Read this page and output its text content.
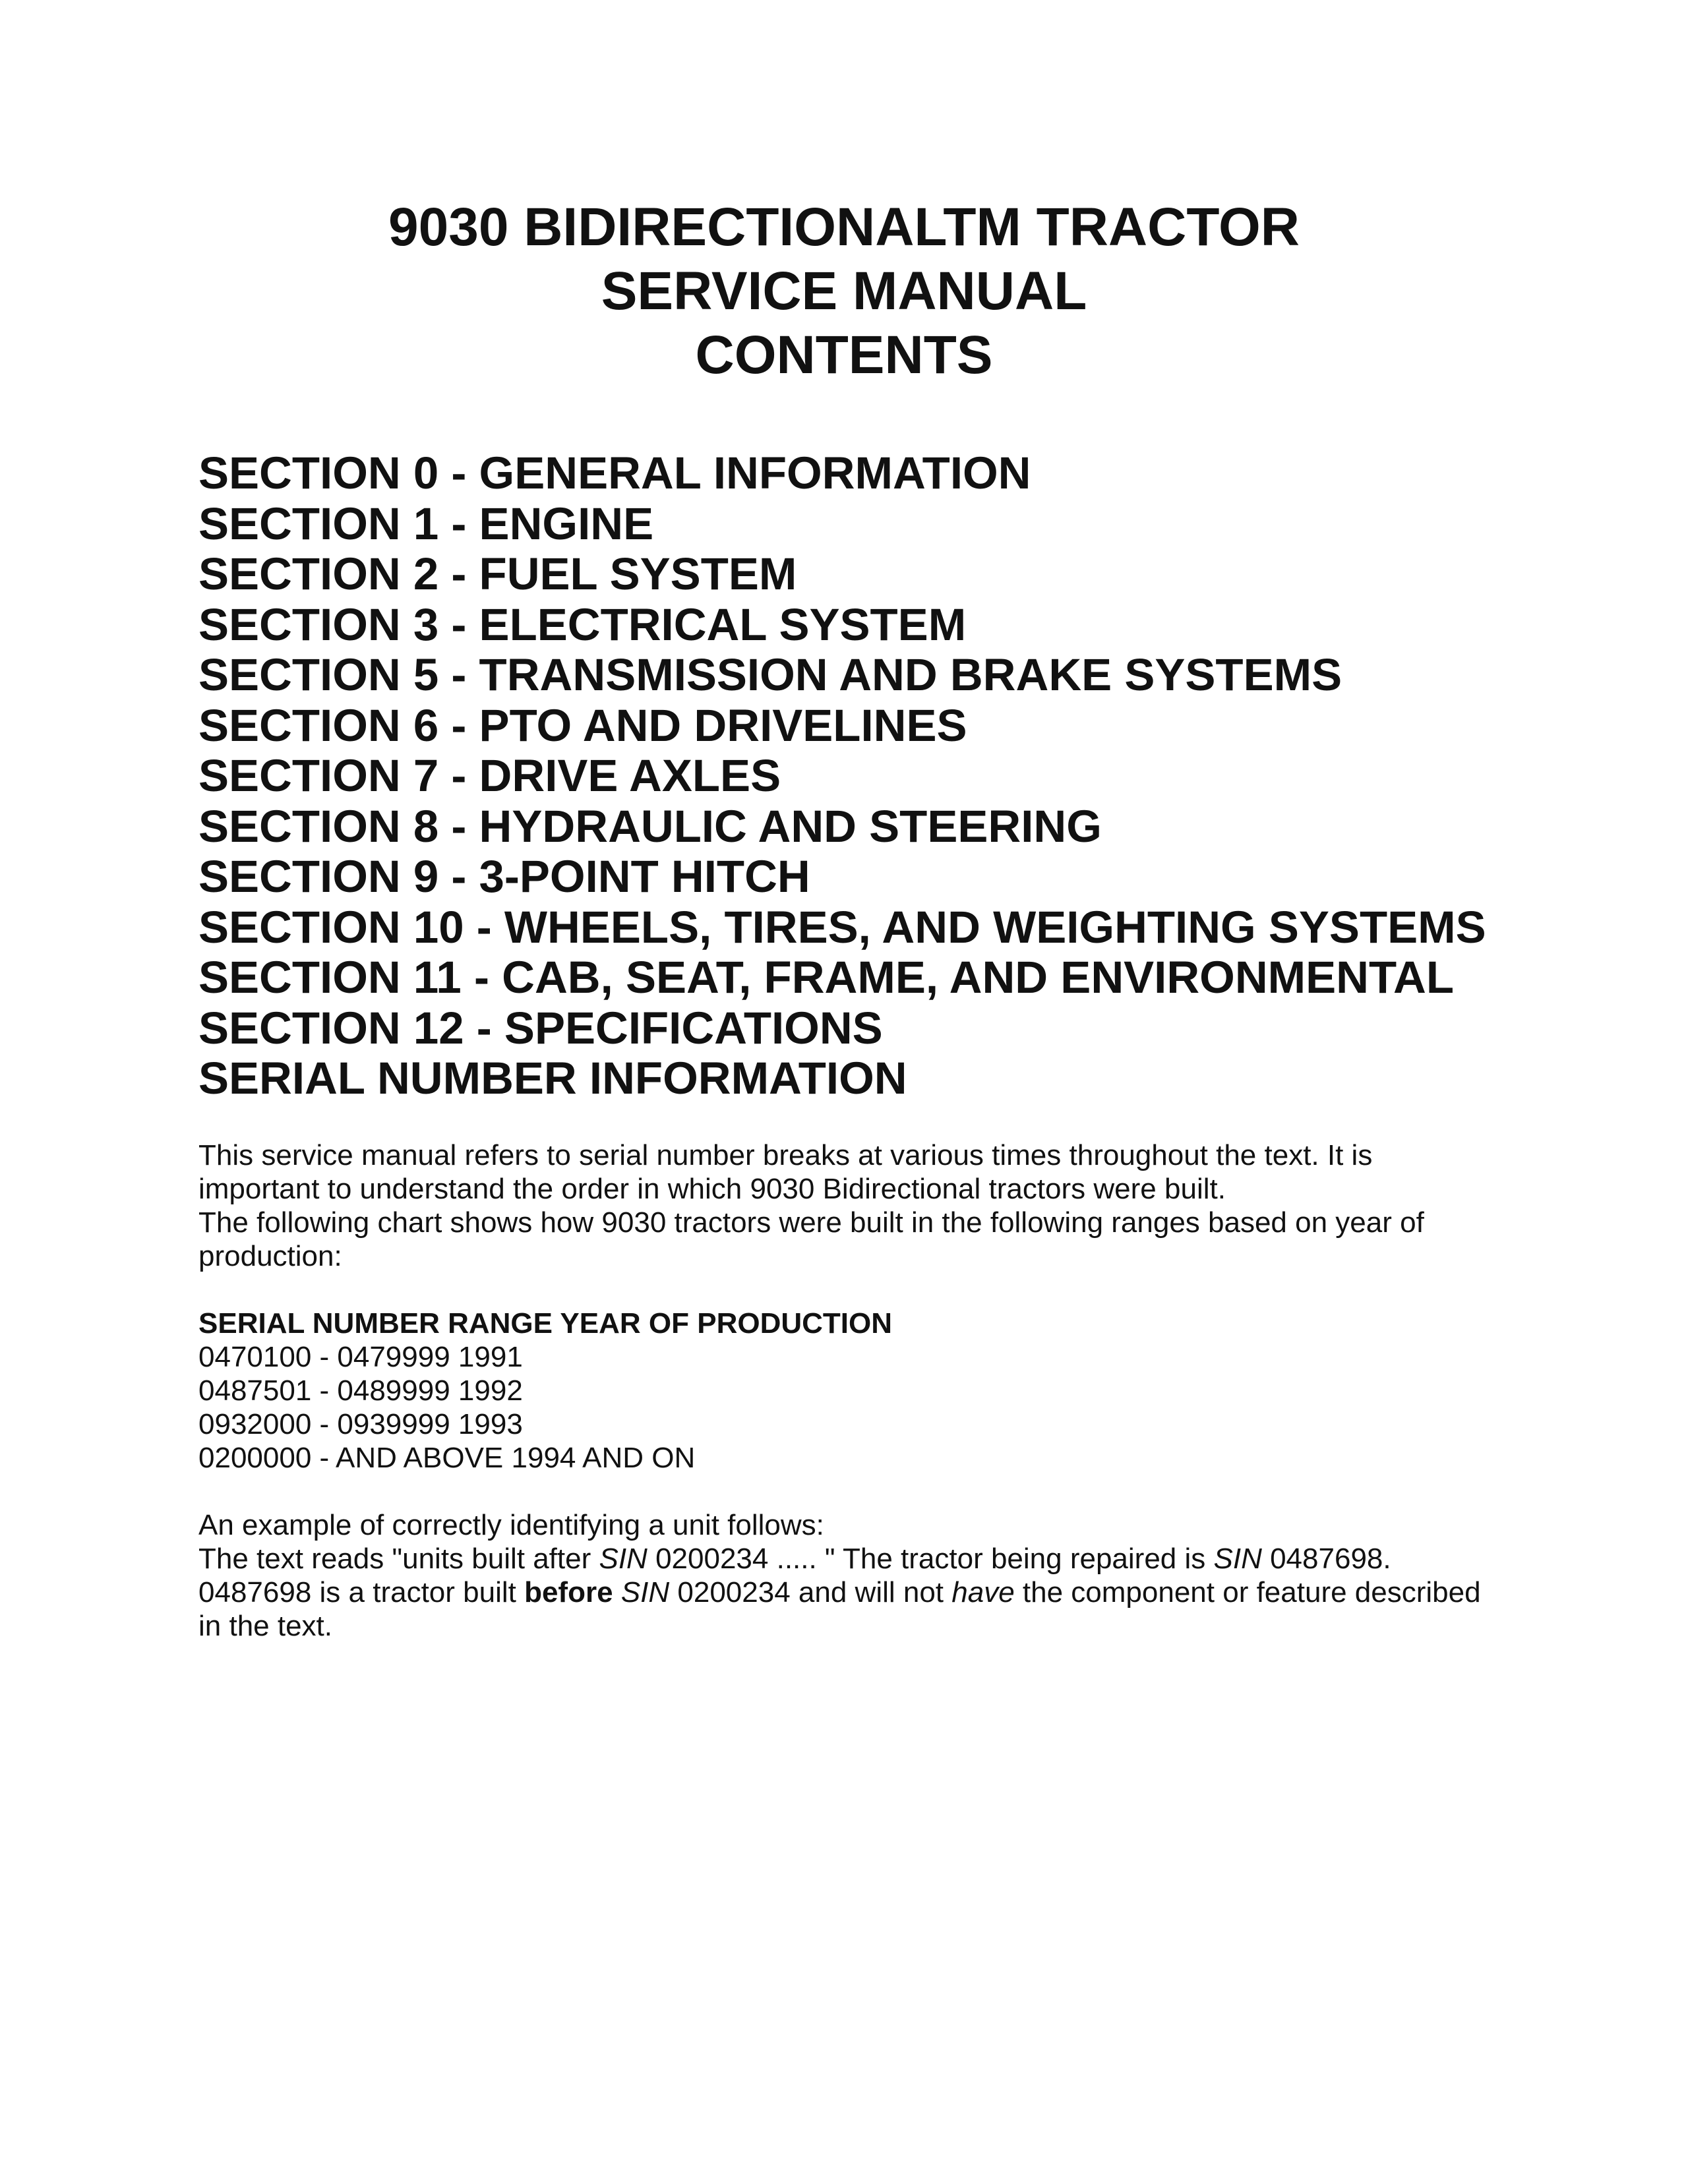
9030 BIDIRECTIONALTM TRACTOR
SERVICE MANUAL
CONTENTS
SECTION 0 - GENERAL INFORMATION
SECTION 1 - ENGINE
SECTION 2 - FUEL SYSTEM
SECTION 3 - ELECTRICAL SYSTEM
SECTION 5 - TRANSMISSION AND BRAKE SYSTEMS
SECTION 6 - PTO AND DRIVELINES
SECTION 7 - DRIVE AXLES
SECTION 8 - HYDRAULIC AND STEERING
SECTION 9 - 3-POINT HITCH
SECTION 10 - WHEELS, TIRES, AND WEIGHTING SYSTEMS
SECTION 11 - CAB, SEAT, FRAME, AND ENVIRONMENTAL
SECTION 12 - SPECIFICATIONS
SERIAL NUMBER INFORMATION
This service manual refers to serial number breaks at various times throughout the text. It is
important to understand the order in which 9030 Bidirectional tractors were built.
The following chart shows how 9030 tractors were built in the following ranges based on year of
production:
SERIAL NUMBER RANGE YEAR OF PRODUCTION
0470100 - 0479999 1991
0487501 - 0489999 1992
0932000 - 0939999 1993
0200000 - AND ABOVE 1994 AND ON
An example of correctly identifying a unit follows:
The text reads "units built after SIN 0200234 ..... " The tractor being repaired is SIN 0487698.
0487698 is a tractor built before SIN 0200234 and will not have the component or feature described
in the text.
